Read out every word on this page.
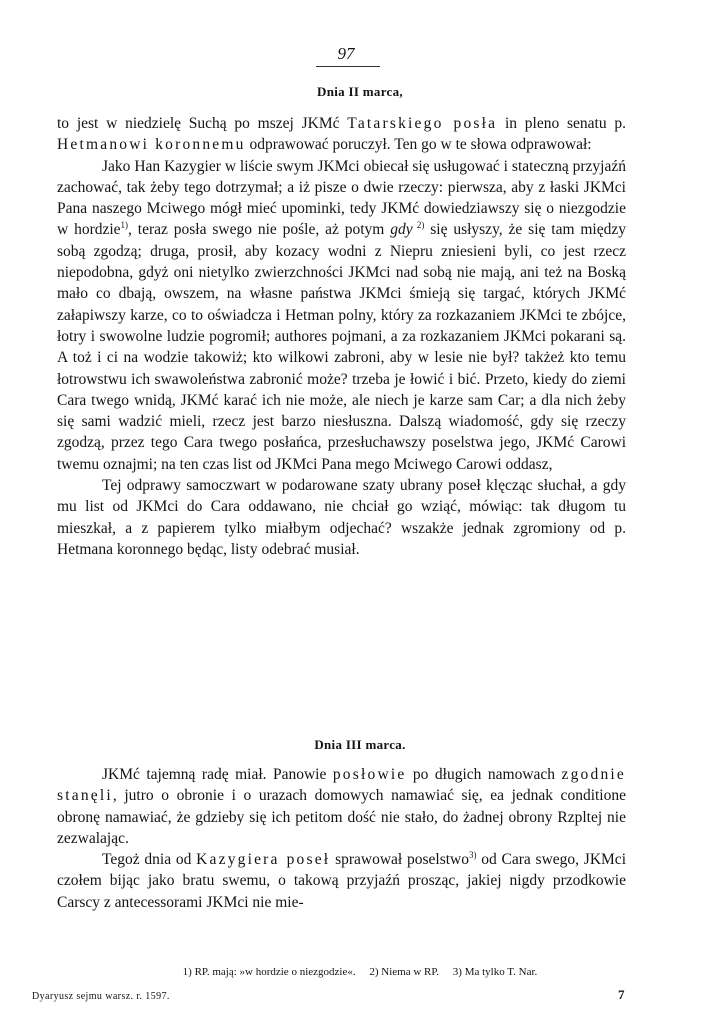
97
Dnia II marca,

to jest w niedzielę Suchą po mszej JKMć Tatarskiego posła in pleno senatu p. Hetmanowi koronnemu odprawować poruczył. Ten go w te słowa odprawował:

Jako Han Kazygier w liście swym JKMci obiecał się usługować i stateczną przyjaźń zachować, tak żeby tego dotrzymał; a iż pisze o dwie rzeczy: pierwsza, aby z łaski JKMci Pana naszego Mciwego mógł mieć upominki, tedy JKMć dowiedziawszy się o niezgodzie w hordzie$^{1)}$, teraz posła swego nie pośle, aż potym gdy $^{2)}$ się usłyszy, że się tam między sobą zgodzą; druga, prosił, aby kozacy wodni z Niepru zniesieni byli, co jest rzecz niepodobna, gdyż oni nietylko zwierzchności JKMci nad sobą nie mają, ani też na Boską mało co dbają, owszem, na własne państwa JKMci śmieją się targać, których JKMć załapiwszy karze, co to oświadcza i Hetman polny, który za rozkazaniem JKMci te zbójce, łotry i swowolne ludzie pogromił; authores pojmani, a za rozkazaniem JKMci pokarani są. A toż i ci na wodzie takowiż; kto wilkowi zabroni, aby w lesie nie był? takżeż kto temu łotrowstwu ich swawoleństwa zabronić może? trzeba je łowić i bić. Przeto, kiedy do ziemi Cara twego wnidą, JKMć karać ich nie może, ale niech je karze sam Car; a dla nich żeby się sami wadzić mieli, rzecz jest barzo niesłuszna. Dalszą wiadomość, gdy się rzeczy zgodzą, przez tego Cara twego posłańca, przesłuchawszy poselstwa jego, JKMć Carowi twemu oznajmi; na ten czas list od JKMci Pana mego Mciwego Carowi oddasz,

Tej odprawy samoczwart w podarowane szaty ubrany poseł klęcząc słuchał, a gdy mu list od JKMci do Cara oddawano, nie chciał go wziąć, mówiąc: tak długom tu mieszkał, a z papierem tylko miałbym odjechać? wszakże jednak zgromiony od p. Hetmana koronnego będąc, listy odebrać musiał.

Dnia III marca.

JKMć tajemną radę miał. Panowie posłowie po długich namowach zgodnie stanęli, jutro o obronie i o urazach domowych namawiać się, ea jednak conditione obronę namawiać, że gdzieby się ich petitom dość nie stało, do żadnej obrony Rzpltej nie zezwalając.

Tegoż dnia od Kazygiera poseł sprawował poselstwo$^{3)}$ od Cara swego, JKMci czołem bijąc jako bratu swemu, o takową przyjaźń prosząc, jakiej nigdy przodkowie Carscy z antecessorami JKMci nie mie-

1) RP. mają: »w hordzie o niezgodzie«. 2) Niema w RP. 3) Ma tylko T. Nar.
Dyaryusz sejmu warsz. r. 1597.	7
